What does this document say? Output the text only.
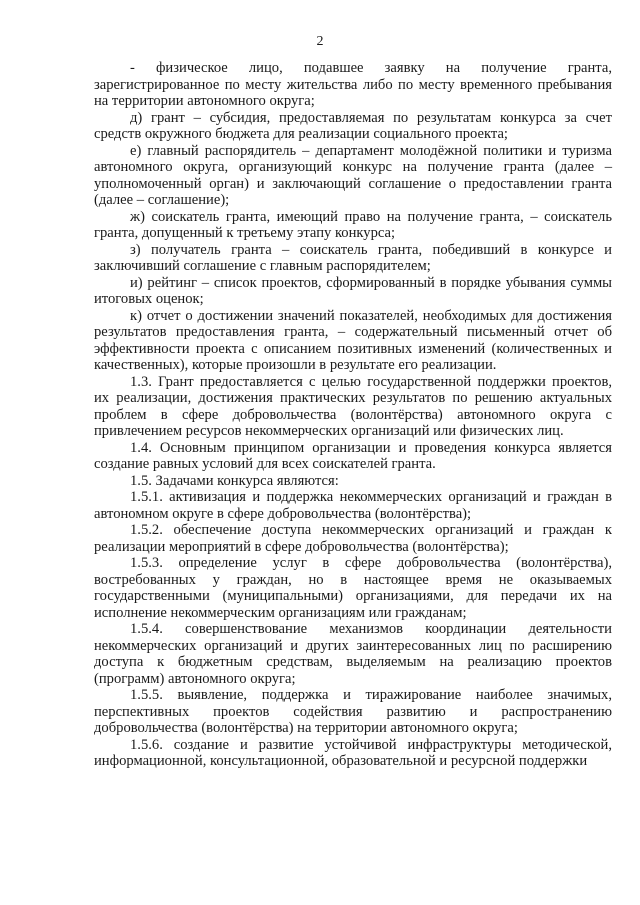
2

- физическое лицо, подавшее заявку на получение гранта, зарегистрированное по месту жительства либо по месту временного пребывания на территории автономного округа;

д) грант – субсидия, предоставляемая по результатам конкурса за счет средств окружного бюджета для реализации социального проекта;

е) главный распорядитель – департамент молодёжной политики и туризма автономного округа, организующий конкурс на получение гранта (далее – уполномоченный орган) и заключающий соглашение о предоставлении гранта (далее – соглашение);

ж) соискатель гранта, имеющий право на получение гранта, – соискатель гранта, допущенный к третьему этапу конкурса;

з) получатель гранта – соискатель гранта, победивший в конкурсе и заключивший соглашение с главным распорядителем;

и) рейтинг – список проектов, сформированный в порядке убывания суммы итоговых оценок;

к) отчет о достижении значений показателей, необходимых для достижения результатов предоставления гранта, – содержательный письменный отчет об эффективности проекта с описанием позитивных изменений (количественных и качественных), которые произошли в результате его реализации.

1.3. Грант предоставляется с целью государственной поддержки проектов, их реализации, достижения практических результатов по решению актуальных проблем в сфере добровольчества (волонтёрства) автономного округа с привлечением ресурсов некоммерческих организаций или физических лиц.

1.4. Основным принципом организации и проведения конкурса является создание равных условий для всех соискателей гранта.

1.5. Задачами конкурса являются:

1.5.1. активизация и поддержка некоммерческих организаций и граждан в автономном округе в сфере добровольчества (волонтёрства);

1.5.2. обеспечение доступа некоммерческих организаций и граждан к реализации мероприятий в сфере добровольчества (волонтёрства);

1.5.3. определение услуг в сфере добровольчества (волонтёрства), востребованных у граждан, но в настоящее время не оказываемых государственными (муниципальными) организациями, для передачи их на исполнение некоммерческим организациям или гражданам;

1.5.4. совершенствование механизмов координации деятельности некоммерческих организаций и других заинтересованных лиц по расширению доступа к бюджетным средствам, выделяемым на реализацию проектов (программ) автономного округа;

1.5.5. выявление, поддержка и тиражирование наиболее значимых, перспективных проектов содействия развитию и распространению добровольчества (волонтёрства) на территории автономного округа;

1.5.6. создание и развитие устойчивой инфраструктуры методической, информационной, консультационной, образовательной и ресурсной поддержки
